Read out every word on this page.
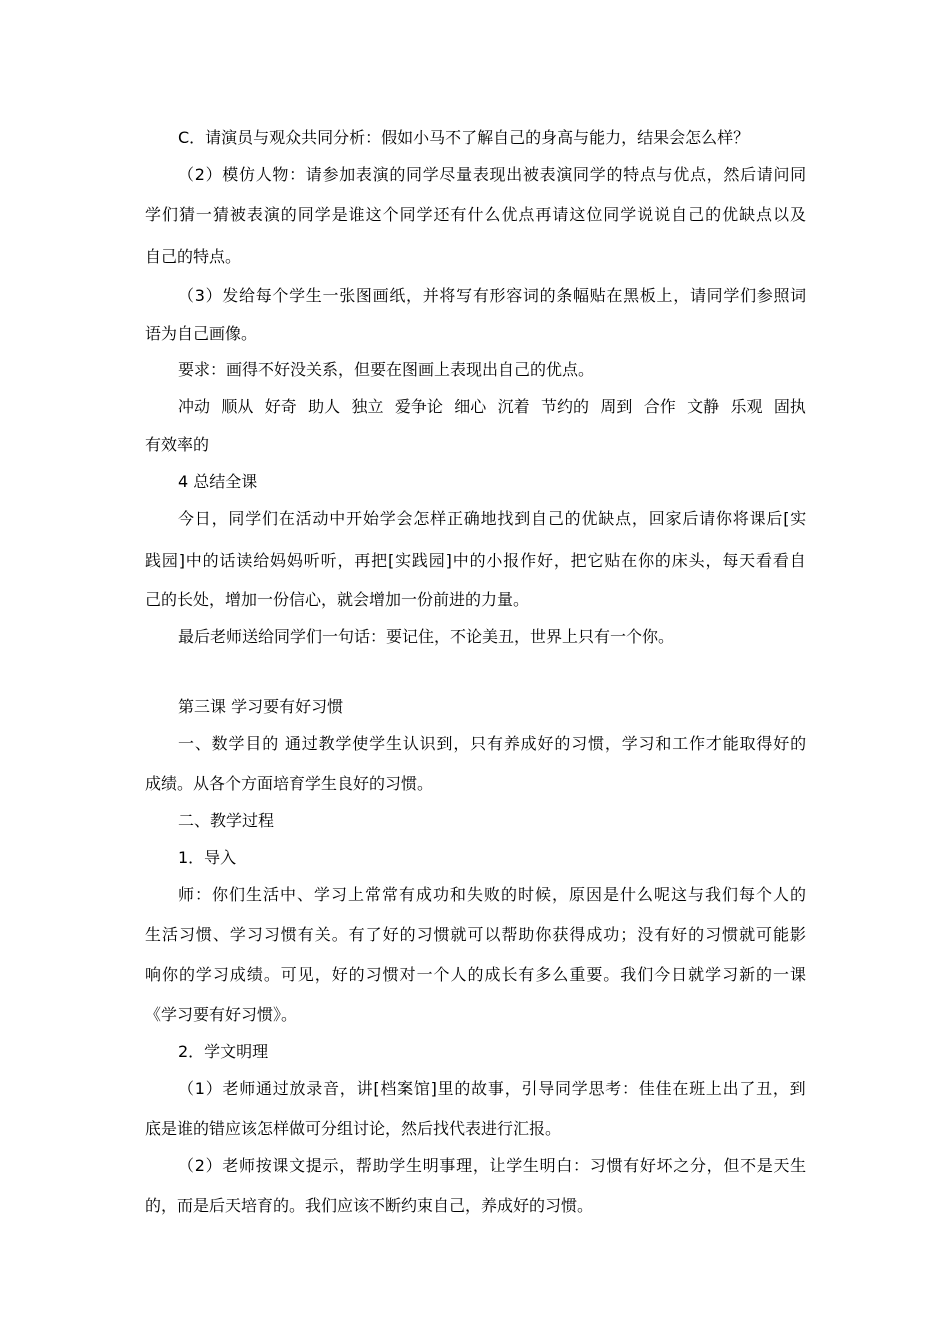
C．请演员与观众共同分析：假如小马不了解自己的身高与能力，结果会怎么样？
（2）模仿人物：请参加表演的同学尽量表现出被表演同学的特点与优点，然后请问同
学们猜一猜被表演的同学是谁这个同学还有什么优点再请这位同学说说自己的优缺点以及
自己的特点。
（3）发给每个学生一张图画纸，并将写有形容词的条幅贴在黑板上，请同学们参照词
语为自己画像。
要求：画得不好没关系，但要在图画上表现出自己的优点。
冲动 顺从 好奇 助人 独立 爱争论 细心 沉着 节约的 周到 合作 文静 乐观 固执
有效率的
4 总结全课
今日，同学们在活动中开始学会怎样正确地找到自己的优缺点，回家后请你将课后[实
践园]中的话读给妈妈听听，再把[实践园]中的小报作好，把它贴在你的床头，每天看看自
己的长处，增加一份信心，就会增加一份前进的力量。
最后老师送给同学们一句话：要记住，不论美丑，世界上只有一个你。
第三课 学习要有好习惯
一、数学目的 通过教学使学生认识到，只有养成好的习惯，学习和工作才能取得好的
成绩。从各个方面培育学生良好的习惯。
二、教学过程
1．导入
师：你们生活中、学习上常常有成功和失败的时候，原因是什么呢这与我们每个人的
生活习惯、学习习惯有关。有了好的习惯就可以帮助你获得成功；没有好的习惯就可能影
响你的学习成绩。可见，好的习惯对一个人的成长有多么重要。我们今日就学习新的一课
《学习要有好习惯》。
2．学文明理
（1）老师通过放录音，讲[档案馆]里的故事，引导同学思考：佳佳在班上出了丑，到
底是谁的错应该怎样做可分组讨论，然后找代表进行汇报。
（2）老师按课文提示，帮助学生明事理，让学生明白：习惯有好坏之分，但不是天生
的，而是后天培育的。我们应该不断约束自己，养成好的习惯。
